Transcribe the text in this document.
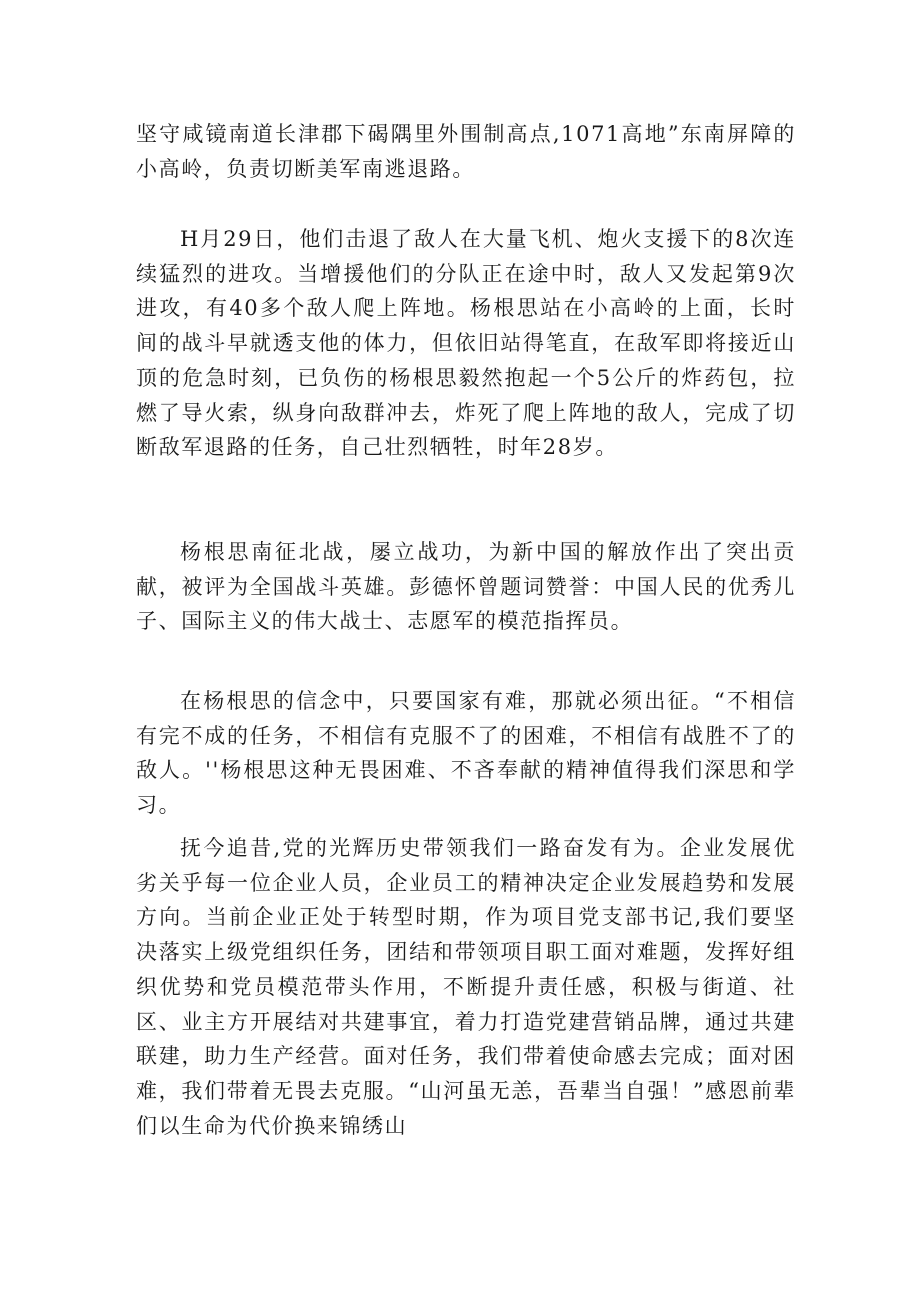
坚守咸镜南道长津郡下碣隅里外围制高点,1071高地”东南屏障的小高岭，负责切断美军南逃退路。

H月29日，他们击退了敌人在大量飞机、炮火支援下的8次连续猛烈的进攻。当增援他们的分队正在途中时，敌人又发起第9次进攻，有40多个敌人爬上阵地。杨根思站在小高岭的上面，长时间的战斗早就透支他的体力，但依旧站得笔直，在敌军即将接近山顶的危急时刻，已负伤的杨根思毅然抱起一个5公斤的炸药包，拉燃了导火索，纵身向敌群冲去，炸死了爬上阵地的敌人，完成了切断敌军退路的任务，自己壮烈牺牲，时年28岁。

杨根思南征北战，屡立战功，为新中国的解放作出了突出贡献，被评为全国战斗英雄。彭德怀曾题词赞誉：中国人民的优秀儿子、国际主义的伟大战士、志愿军的模范指挥员。

在杨根思的信念中，只要国家有难，那就必须出征。“不相信有完不成的任务，不相信有克服不了的困难，不相信有战胜不了的敌人。''杨根思这种无畏困难、不吝奉献的精神值得我们深思和学习。

抚今追昔,党的光辉历史带领我们一路奋发有为。企业发展优劣关乎每一位企业人员，企业员工的精神决定企业发展趋势和发展方向。当前企业正处于转型时期，作为项目党支部书记,我们要坚决落实上级党组织任务，团结和带领项目职工面对难题，发挥好组织优势和党员模范带头作用，不断提升责任感，积极与街道、社区、业主方开展结对共建事宜，着力打造党建营销品牌，通过共建联建，助力生产经营。面对任务，我们带着使命感去完成；面对困难，我们带着无畏去克服。“山河虽无恙，吾辈当自强！”感恩前辈们以生命为代价换来锦绣山
